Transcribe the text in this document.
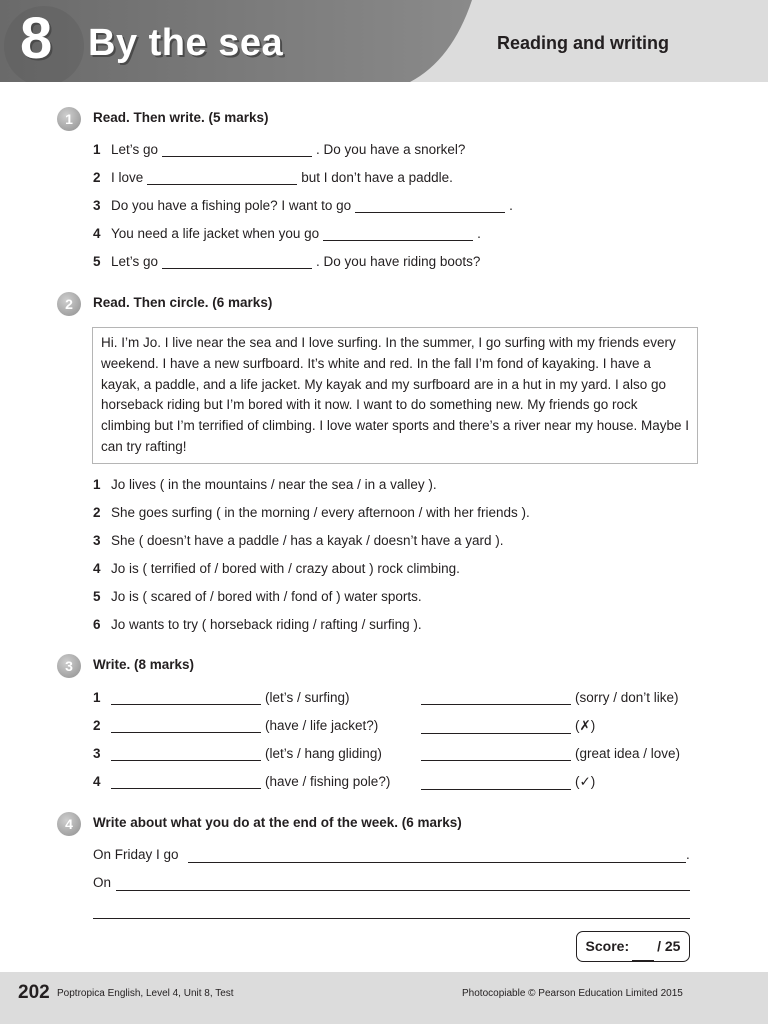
8 By the sea	Reading and writing
1	Read. Then write. (5 marks)
1 Let’s go	. Do you have a snorkel?
2 I love	but I don’t have a paddle.
3 Do you have a fishing pole? I want to go	.
4 You need a life jacket when you go	.
5 Let’s go	. Do you have riding boots?
2	Read. Then circle. (6 marks)
Hi. I’m Jo. I live near the sea and I love surfing. In the summer, I go surfing with my friends every weekend. I have a new surfboard. It’s white and red. In the fall I’m fond of kayaking. I have a kayak, a paddle, and a life jacket. My kayak and my surfboard are in a hut in my yard. I also go horseback riding but I’m bored with it now. I want to do something new. My friends go rock climbing but I’m terrified of climbing. I love water sports and there’s a river near my house. Maybe I can try rafting!
1 Jo lives ( in the mountains / near the sea / in a valley ).
2 She goes surfing ( in the morning / every afternoon / with her friends ).
3 She ( doesn’t have a paddle / has a kayak / doesn’t have a yard ).
4 Jo is ( terrified of / bored with / crazy about ) rock climbing.
5 Jo is ( scared of / bored with / fond of ) water sports.
6 Jo wants to try ( horseback riding / rafting / surfing ).
3	Write. (8 marks)
1	(let’s / surfing)	(sorry / don’t like)
2	(have / life jacket?)	(✗)
3	(let’s / hang gliding)	(great idea / love)
4	(have / fishing pole?)	(✓)
4	Write about what you do at the end of the week. (6 marks)
On Friday I go	.
On
Score: / 25
202 Poptropica English, Level 4, Unit 8, Test	Photocopiable © Pearson Education Limited 2015
